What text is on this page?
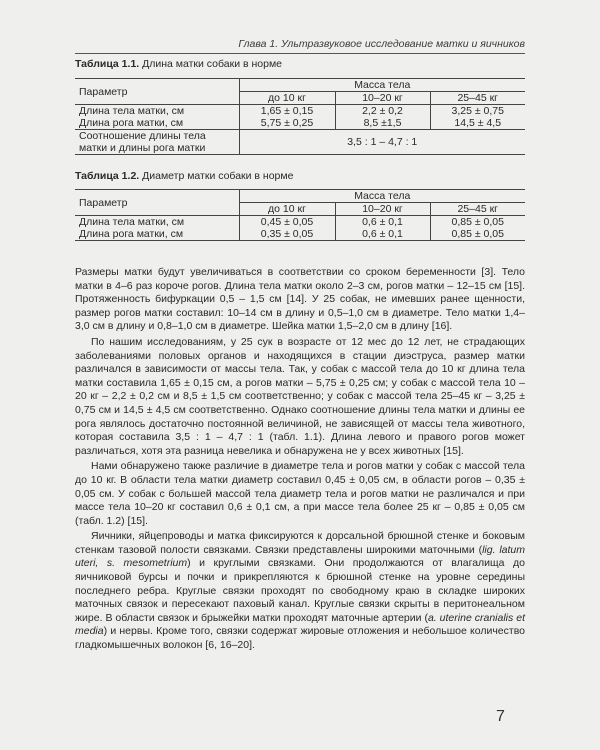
Глава 1. Ультразвуковое исследование матки и яичников
Таблица 1.1. Длина матки собаки в норме
Параметр	Масса тела		
	до 10 кг	10–20 кг	25–45 кг
Длина тела матки, см	1,65 ± 0,15	2,2 ± 0,2	3,25 ± 0,75
Длина рога матки, см	5,75 ± 0,25	8,5 ±1,5	14,5 ± 4,5
Соотношение длины тела
матки и длины рога матки	3,5 : 1 – 4,7 : 1		
Таблица 1.2. Диаметр матки собаки в норме
Параметр	Масса тела		
	до 10 кг	10–20 кг	25–45 кг
Длина тела матки, см	0,45 ± 0,05	0,6 ± 0,1	0,85 ± 0,05
Длина рога матки, см	0,35 ± 0,05	0,6 ± 0,1	0,85 ± 0,05

Размеры матки будут увеличиваться в соответствии со сроком беременности [3]. Тело матки в 4–6 раз короче рогов. Длина тела матки около 2–3 см, рогов матки – 12–15 см [15]. Протяженность бифуркации 0,5 – 1,5 см [14]. У 25 собак, не имевших ранее щенности, размер рогов матки составил: 10–14 см в длину и 0,5–1,0 см в диаметре. Тело матки 1,4–3,0 см в длину и 0,8–1,0 см в диаметре. Шейка матки 1,5–2,0 см в длину [16].

По нашим исследованиям, у 25 сук в возрасте от 12 мес до 12 лет, не страдающих заболеваниями половых органов и находящихся в стации диэстpуса, размер матки различался в зависимости от массы тела. Так, у собак с массой тела до 10 кг длина тела матки составила 1,65 ± 0,15 см, а рогов матки – 5,75 ± 0,25 см; у собак с массой тела 10 – 20 кг – 2,2 ± 0,2 см и 8,5 ± 1,5 см соответственно; у собак с массой тела 25–45 кг – 3,25 ± 0,75 см и 14,5 ± 4,5 см соответственно. Однако соотношение длины тела матки и длины ее рога являлось достаточно постоянной величиной, не зависящей от массы тела животного, которая составила 3,5 : 1 – 4,7 : 1 (табл. 1.1). Длина левого и правого рогов может различаться, хотя эта разница невелика и обнаружена не у всех животных [15].

Нами обнаружено также различие в диаметре тела и рогов матки у собак с массой тела до 10 кг. В области тела матки диаметр составил 0,45 ± 0,05 см, в области рогов – 0,35 ± 0,05 см. У собак с большей массой тела диаметр тела и рогов матки не различался и при массе тела 10–20 кг составил 0,6 ± 0,1 см, а при массе тела более 25 кг – 0,85 ± 0,05 см (табл. 1.2) [15].

Яичники, яйцепроводы и матка фиксируются к дорсальной брюшной стенке и боковым стенкам тазовой полости связками. Связки представлены широкими маточными (lig. latum uteri, s. mesometrium) и круглыми связками. Они продолжаются от влагалища до яичниковой бурсы и почки и прикрепляются к брюшной стенке на уровне середины последнего ребра. Круглые связки проходят по свободному краю в складке широких маточных связок и пересекают паховый канал. Круглые связки скрыты в перитонеальном жире. В области связок и брыжейки матки проходят маточные артерии (a. uterine cranialis et media) и нервы. Кроме того, связки содержат жировые отложения и небольшое количество гладкомышечных волокон [6, 16–20].

7
